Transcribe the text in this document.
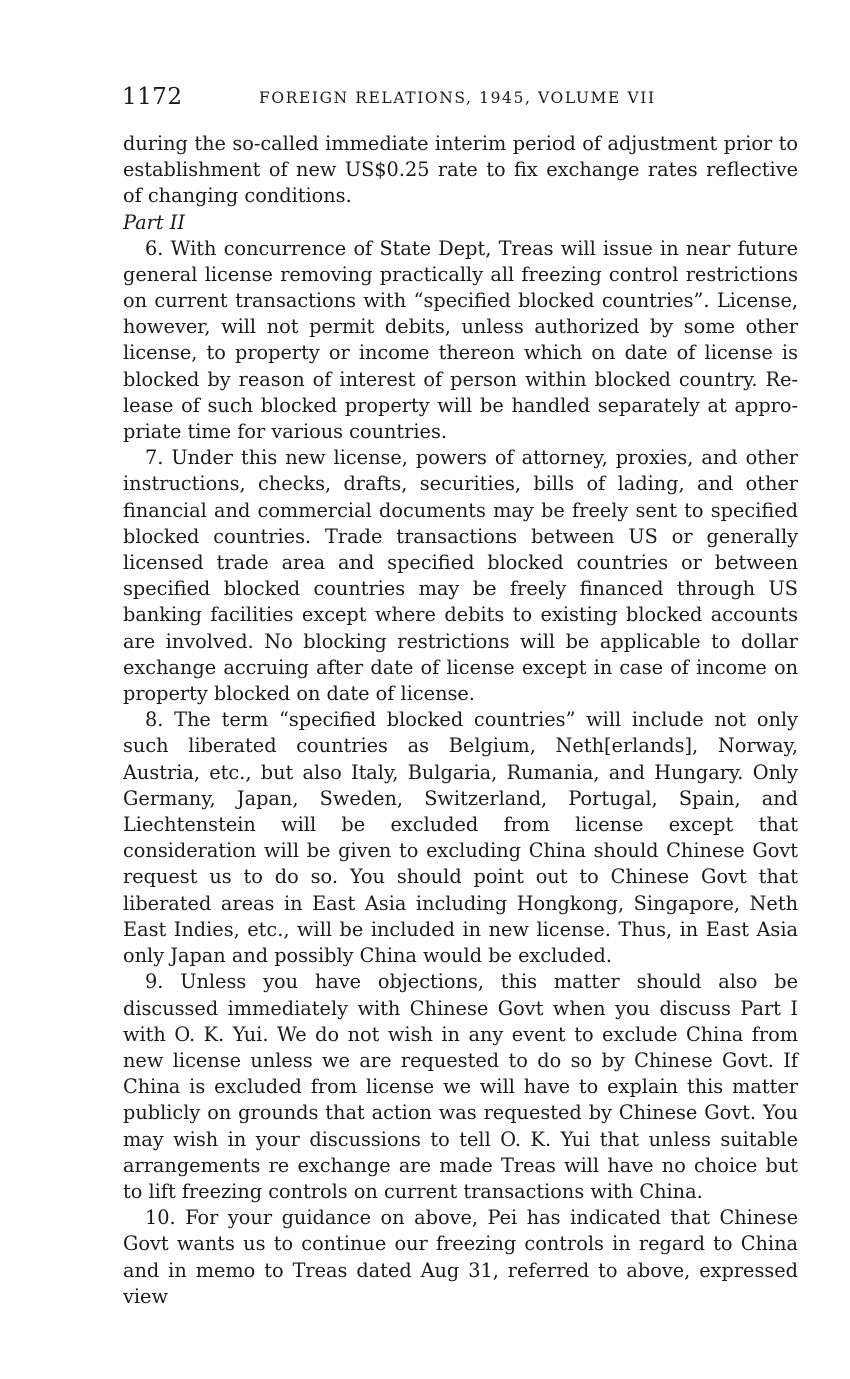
1172	FOREIGN RELATIONS, 1945, VOLUME VII

during the so-called immediate interim period of adjustment prior to establishment of new US$0.25 rate to fix exchange rates reflective of changing conditions.

Part II

6. With concurrence of State Dept, Treas will issue in near future general license removing practically all freezing control restrictions on current transactions with “specified blocked countries”. License, however, will not permit debits, unless authorized by some other license, to property or income thereon which on date of license is blocked by reason of interest of person within blocked country. Release of such blocked property will be handled separately at appropriate time for various countries.

7. Under this new license, powers of attorney, proxies, and other instructions, checks, drafts, securities, bills of lading, and other financial and commercial documents may be freely sent to specified blocked countries. Trade transactions between US or generally licensed trade area and specified blocked countries or between specified blocked countries may be freely financed through US banking facilities except where debits to existing blocked accounts are involved. No blocking restrictions will be applicable to dollar exchange accruing after date of license except in case of income on property blocked on date of license.

8. The term “specified blocked countries” will include not only such liberated countries as Belgium, Neth[erlands], Norway, Austria, etc., but also Italy, Bulgaria, Rumania, and Hungary. Only Germany, Japan, Sweden, Switzerland, Portugal, Spain, and Liechtenstein will be excluded from license except that consideration will be given to excluding China should Chinese Govt request us to do so. You should point out to Chinese Govt that liberated areas in East Asia including Hongkong, Singapore, Neth East Indies, etc., will be included in new license. Thus, in East Asia only Japan and possibly China would be excluded.

9. Unless you have objections, this matter should also be discussed immediately with Chinese Govt when you discuss Part I with O. K. Yui. We do not wish in any event to exclude China from new license unless we are requested to do so by Chinese Govt. If China is excluded from license we will have to explain this matter publicly on grounds that action was requested by Chinese Govt. You may wish in your discussions to tell O. K. Yui that unless suitable arrangements re exchange are made Treas will have no choice but to lift freezing controls on current transactions with China.

10. For your guidance on above, Pei has indicated that Chinese Govt wants us to continue our freezing controls in regard to China and in memo to Treas dated Aug 31, referred to above, expressed view
